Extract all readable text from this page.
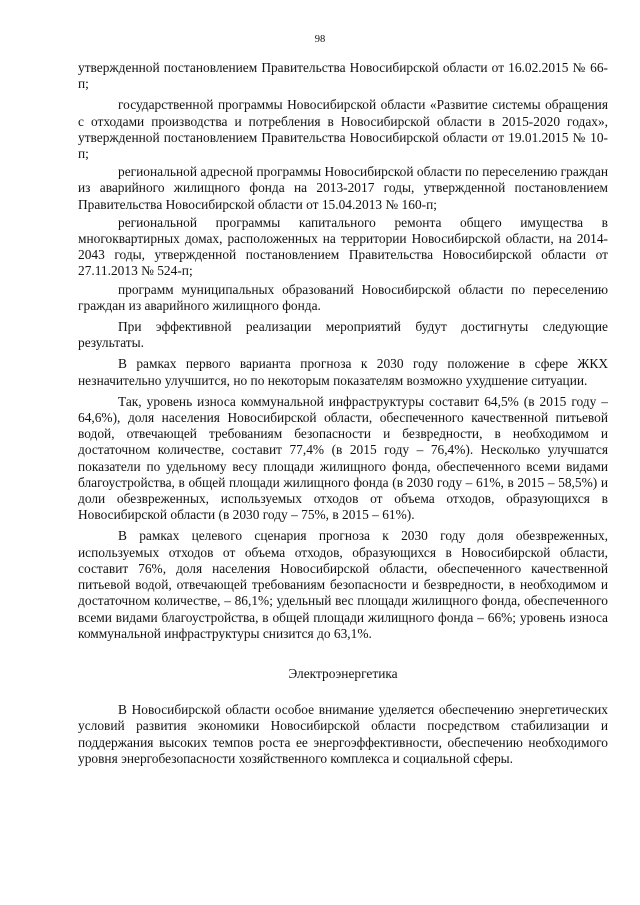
98

утвержденной постановлением Правительства Новосибирской области от 16.02.2015 № 66-п;

государственной программы Новосибирской области «Развитие системы обращения с отходами производства и потребления в Новосибирской области в 2015-2020 годах», утвержденной постановлением Правительства Новосибирской области от 19.01.2015 № 10-п;

региональной адресной программы Новосибирской области по переселению граждан из аварийного жилищного фонда на 2013-2017 годы, утвержденной постановлением Правительства Новосибирской области от 15.04.2013 № 160-п;

региональной программы капитального ремонта общего имущества в многоквартирных домах, расположенных на территории Новосибирской области, на 2014-2043 годы, утвержденной постановлением Правительства Новосибирской области от 27.11.2013 № 524-п;

программ муниципальных образований Новосибирской области по переселению граждан из аварийного жилищного фонда.

При эффективной реализации мероприятий будут достигнуты следующие результаты.

В рамках первого варианта прогноза к 2030 году положение в сфере ЖКХ незначительно улучшится, но по некоторым показателям возможно ухудшение ситуации.

Так, уровень износа коммунальной инфраструктуры составит 64,5% (в 2015 году – 64,6%), доля населения Новосибирской области, обеспеченного качественной питьевой водой, отвечающей требованиям безопасности и безвредности, в необходимом и достаточном количестве, составит 77,4% (в 2015 году – 76,4%). Несколько улучшатся показатели по удельному весу площади жилищного фонда, обеспеченного всеми видами благоустройства, в общей площади жилищного фонда (в 2030 году – 61%, в 2015 – 58,5%) и доли обезвреженных, используемых отходов от объема отходов, образующихся в Новосибирской области (в 2030 году – 75%, в 2015 – 61%).

В рамках целевого сценария прогноза к 2030 году доля обезвреженных, используемых отходов от объема отходов, образующихся в Новосибирской области, составит 76%, доля населения Новосибирской области, обеспеченного качественной питьевой водой, отвечающей требованиям безопасности и безвредности, в необходимом и достаточном количестве, – 86,1%; удельный вес площади жилищного фонда, обеспеченного всеми видами благоустройства, в общей площади жилищного фонда – 66%; уровень износа коммунальной инфраструктуры снизится до 63,1%.

Электроэнергетика

В Новосибирской области особое внимание уделяется обеспечению энергетических условий развития экономики Новосибирской области посредством стабилизации и поддержания высоких темпов роста ее энергоэффективности, обеспечению необходимого уровня энергобезопасности хозяйственного комплекса и социальной сферы.
